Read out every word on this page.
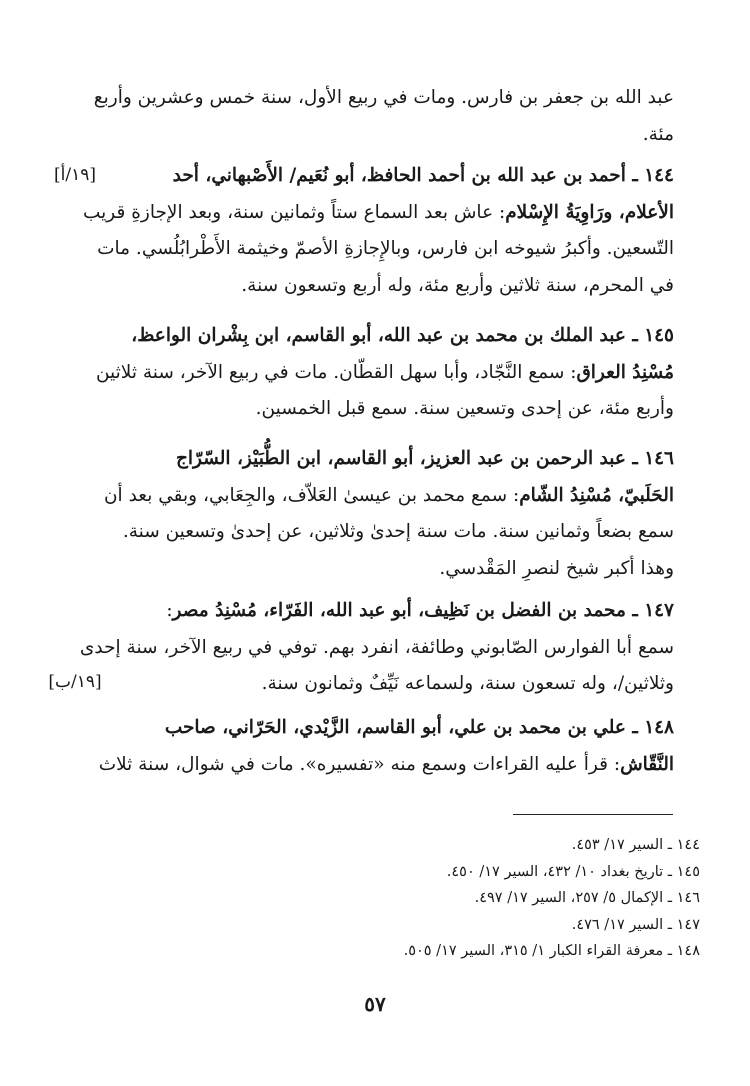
عبد الله بن جعفر بن فارس. ومات في ربيع الأول، سنة خمس وعشرين وأربع
مئة.
١٤٤ ـ أحمد بن عبد الله بن أحمد الحافظ، أبو نُعَيم/ الأَصْبهاني، أحد
الأعلام، ورَاوِيَةُ الإِسْلام: عاش بعد السماع ستاً وثمانين سنة، وبعد الإجازةِ قريب
التّسعين. وأكبرُ شيوخه ابن فارس، وبالإِجازةِ الأصمّ وخيثمة الأَطْرابُلُسي. مات
في المحرم، سنة ثلاثين وأربع مئة، وله أربع وتسعون سنة.
١٤٥ ـ عبد الملك بن محمد بن عبد الله، أبو القاسم، ابن بِشْران الواعظ،
مُسْنِدُ العراق: سمع النَّجّاد، وأبا سهل القطّان. مات في ربيع الآخر، سنة ثلاثين
وأربع مئة، عن إحدى وتسعين سنة. سمع قبل الخمسين.
١٤٦ ـ عبد الرحمن بن عبد العزيز، أبو القاسم، ابن الطُّبَيْز، السّرّاج
الحَلَبيّ، مُسْنِدُ الشّام: سمع محمد بن عيسىٰ العَلاّف، والجِعَابي، وبقي بعد أن
سمع بضعاً وثمانين سنة. مات سنة إحدىٰ وثلاثين، عن إحدىٰ وتسعين سنة.
وهذا أكبر شيخ لنصرِ المَقْدسي.
١٤٧ ـ محمد بن الفضل بن نَظِيف، أبو عبد الله، الفَرّاء، مُسْنِدُ مصر:
سمع أبا الفوارس الصّابوني وطائفة، انفرد بهم. توفي في ربيع الآخر، سنة إحدى
وثلاثين/، وله تسعون سنة، ولسماعه نَيِّفٌ وثمانون سنة.
١٤٨ ـ علي بن محمد بن علي، أبو القاسم، الزَّيْدي، الحَرّاني، صاحب
النَّقّاش: قرأ عليه القراءات وسمع منه «تفسيره». مات في شوال، سنة ثلاث
[١٩/أ]
[١٩/ب]
١٤٤ ـ السير ١٧/ ٤٥٣.
١٤٥ ـ تاريخ بغداد ١٠/ ٤٣٢، السير ١٧/ ٤٥٠.
١٤٦ ـ الإكمال ٥/ ٢٥٧، السير ١٧/ ٤٩٧.
١٤٧ ـ السير ١٧/ ٤٧٦.
١٤٨ ـ معرفة القراء الكبار ١/ ٣١٥، السير ١٧/ ٥٠٥.
٥٧
